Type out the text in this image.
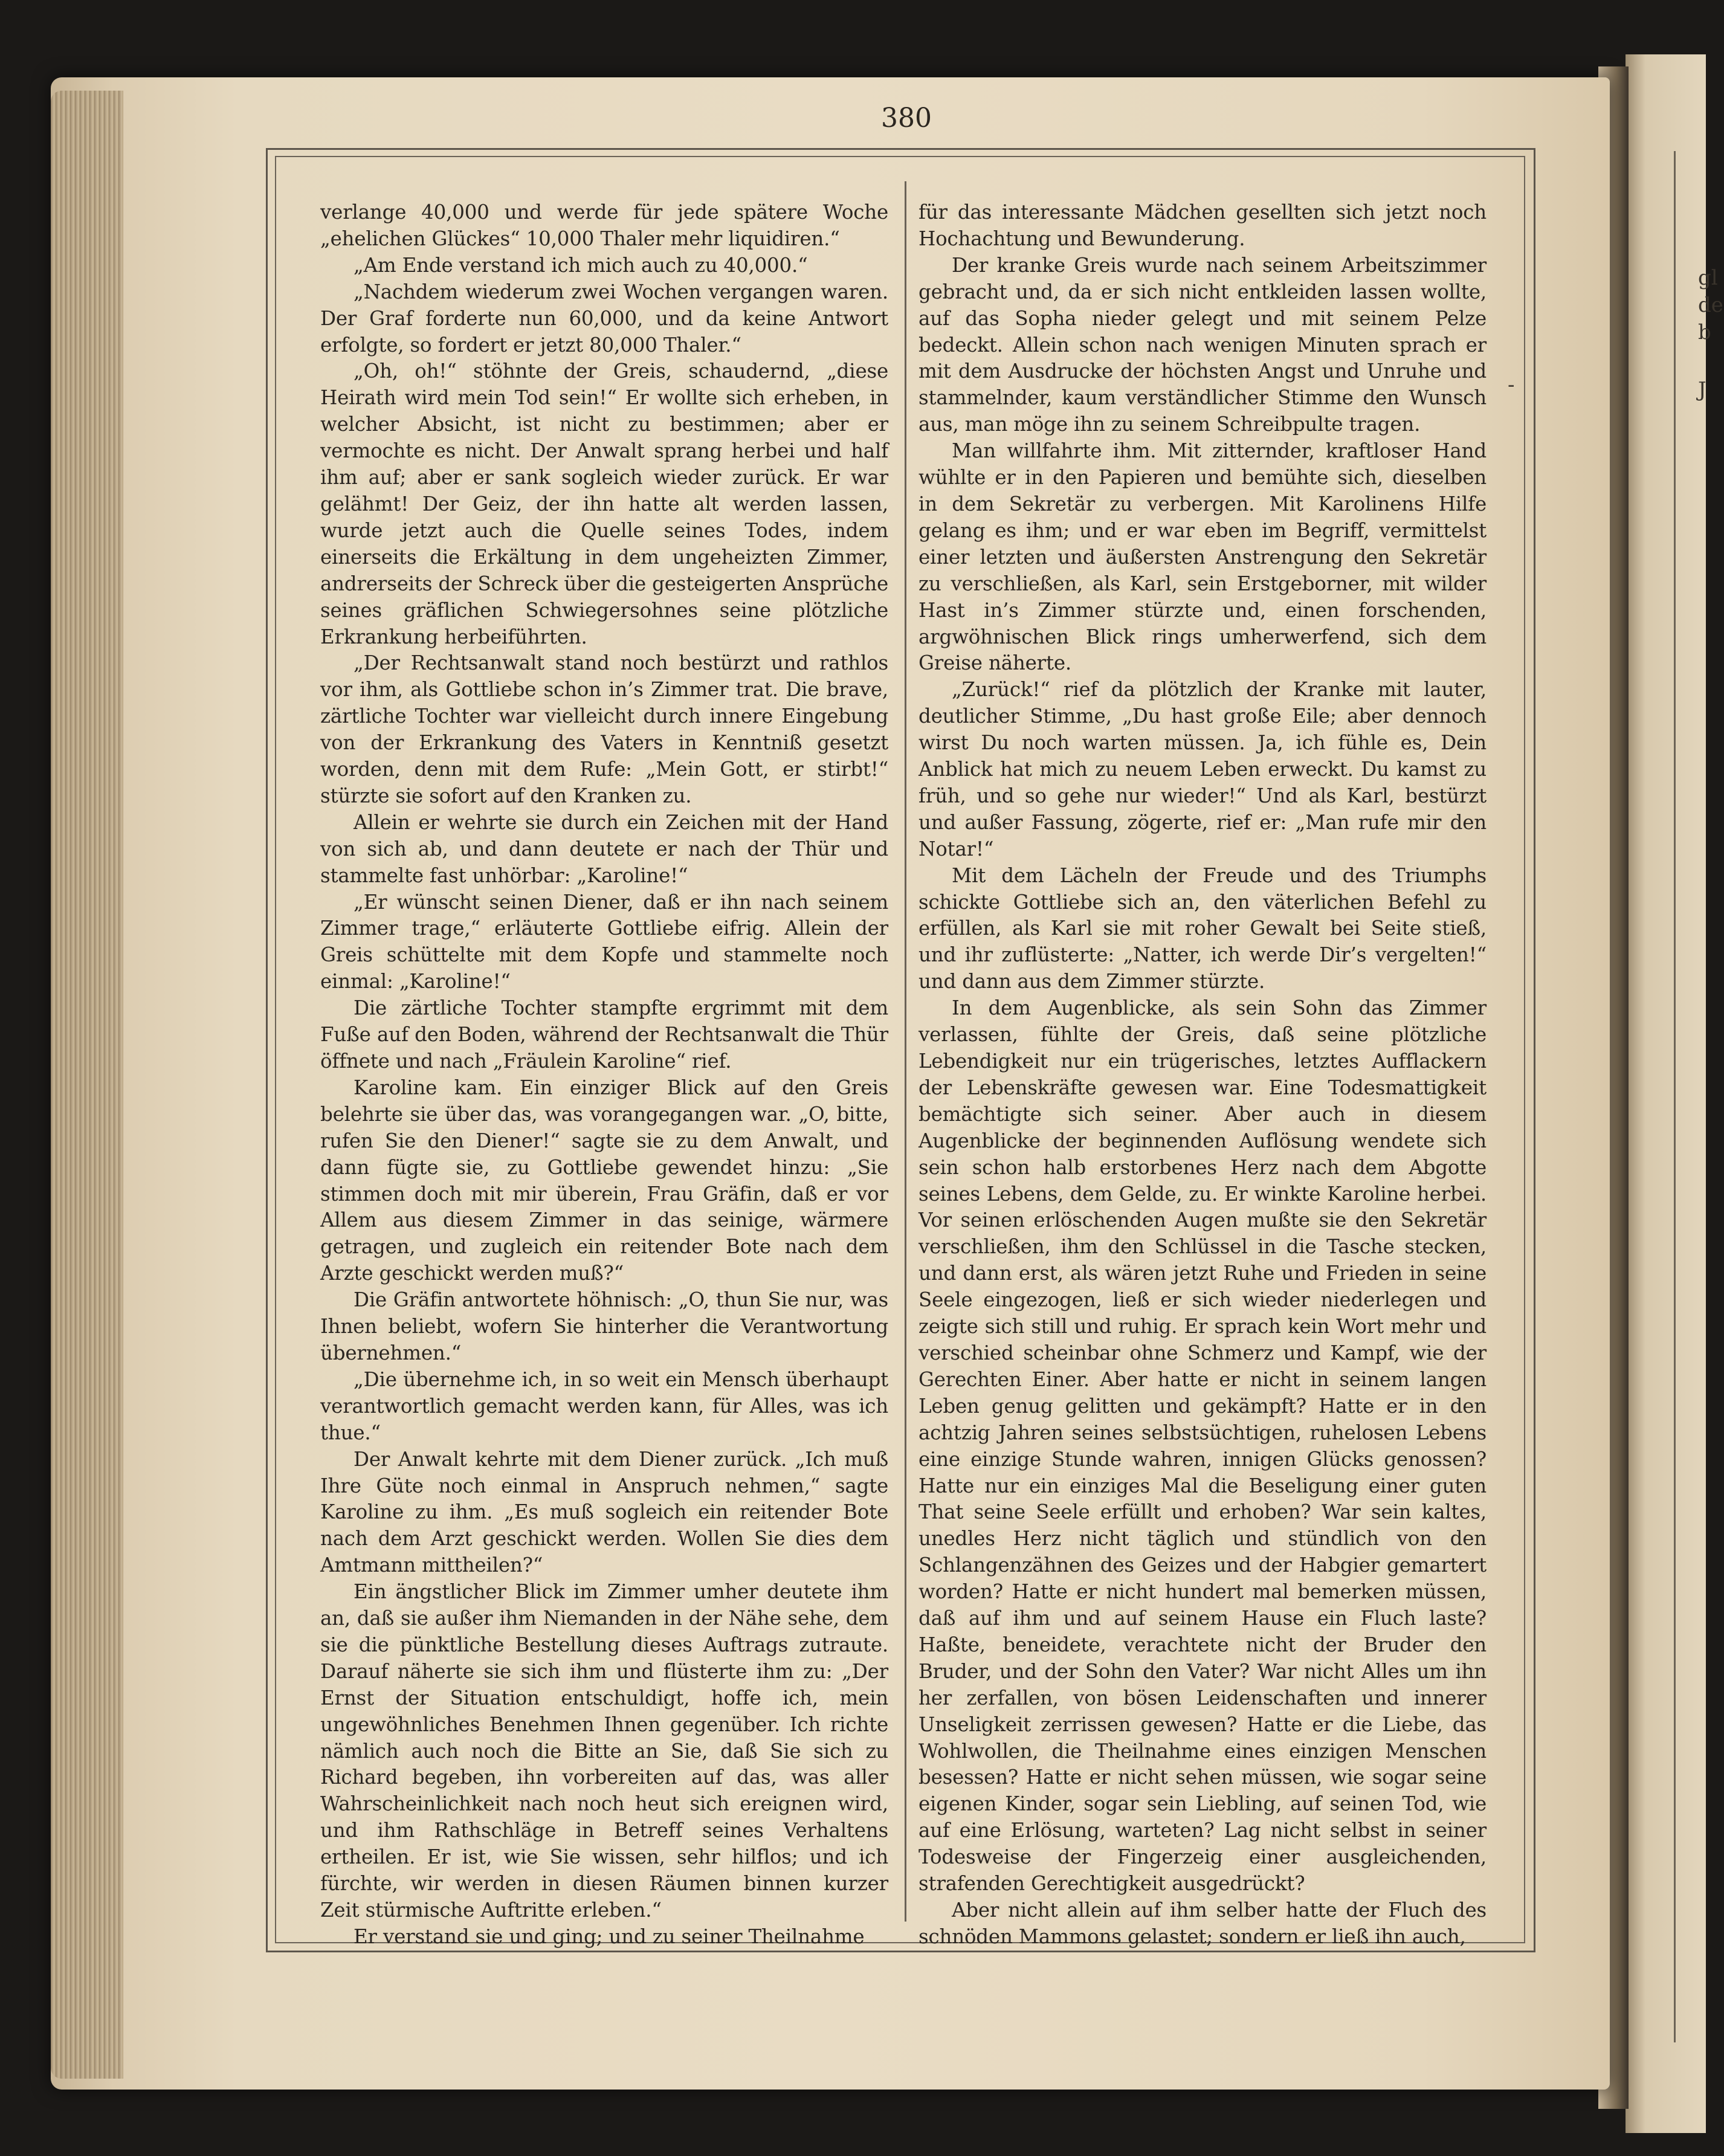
gl
de
b
J
380
-

verlange 40,000 und werde für jede spätere Woche „ehelichen Glückes“ 10,000 Thaler mehr liquidiren.“

„Am Ende verstand ich mich auch zu 40,000.“

„Nachdem wiederum zwei Wochen vergangen waren. Der Graf forderte nun 60,000, und da keine Antwort erfolgte, so fordert er jetzt 80,000 Thaler.“

„Oh, oh!“ stöhnte der Greis, schaudernd, „diese Heirath wird mein Tod sein!“ Er wollte sich erheben, in welcher Absicht, ist nicht zu bestimmen; aber er vermochte es nicht. Der Anwalt sprang herbei und half ihm auf; aber er sank sogleich wieder zurück. Er war gelähmt! Der Geiz, der ihn hatte alt werden lassen, wurde jetzt auch die Quelle seines Todes, indem einerseits die Erkältung in dem ungeheizten Zimmer, andrerseits der Schreck über die gesteigerten Ansprüche seines gräflichen Schwiegersohnes seine plötzliche Erkrankung herbeiführten.

„Der Rechtsanwalt stand noch bestürzt und rathlos vor ihm, als Gottliebe schon in’s Zimmer trat. Die brave, zärtliche Tochter war vielleicht durch innere Eingebung von der Erkrankung des Vaters in Kenntniß gesetzt worden, denn mit dem Rufe: „Mein Gott, er stirbt!“ stürzte sie sofort auf den Kranken zu.

Allein er wehrte sie durch ein Zeichen mit der Hand von sich ab, und dann deutete er nach der Thür und stammelte fast unhörbar: „Karoline!“

„Er wünscht seinen Diener, daß er ihn nach seinem Zimmer trage,“ erläuterte Gottliebe eifrig. Allein der Greis schüttelte mit dem Kopfe und stammelte noch einmal: „Karoline!“

Die zärtliche Tochter stampfte ergrimmt mit dem Fuße auf den Boden, während der Rechtsanwalt die Thür öffnete und nach „Fräulein Karoline“ rief.

Karoline kam. Ein einziger Blick auf den Greis belehrte sie über das, was vorangegangen war. „O, bitte, rufen Sie den Diener!“ sagte sie zu dem Anwalt, und dann fügte sie, zu Gottliebe gewendet hinzu: „Sie stimmen doch mit mir überein, Frau Gräfin, daß er vor Allem aus diesem Zimmer in das seinige, wärmere getragen, und zugleich ein reitender Bote nach dem Arzte geschickt werden muß?“

Die Gräfin antwortete höhnisch: „O, thun Sie nur, was Ihnen beliebt, wofern Sie hinterher die Verantwortung übernehmen.“

„Die übernehme ich, in so weit ein Mensch überhaupt verantwortlich gemacht werden kann, für Alles, was ich thue.“

Der Anwalt kehrte mit dem Diener zurück. „Ich muß Ihre Güte noch einmal in Anspruch nehmen,“ sagte Karoline zu ihm. „Es muß sogleich ein reitender Bote nach dem Arzt geschickt werden. Wollen Sie dies dem Amtmann mittheilen?“

Ein ängstlicher Blick im Zimmer umher deutete ihm an, daß sie außer ihm Niemanden in der Nähe sehe, dem sie die pünktliche Bestellung dieses Auftrags zutraute. Darauf näherte sie sich ihm und flüsterte ihm zu: „Der Ernst der Situation entschuldigt, hoffe ich, mein ungewöhnliches Benehmen Ihnen gegenüber. Ich richte nämlich auch noch die Bitte an Sie, daß Sie sich zu Richard begeben, ihn vorbereiten auf das, was aller Wahrscheinlichkeit nach noch heut sich ereignen wird, und ihm Rathschläge in Betreff seines Verhaltens ertheilen. Er ist, wie Sie wissen, sehr hilflos; und ich fürchte, wir werden in diesen Räumen binnen kurzer Zeit stürmische Auftritte erleben.“

Er verstand sie und ging; und zu seiner Theilnahme

für das interessante Mädchen gesellten sich jetzt noch Hochachtung und Bewunderung.

Der kranke Greis wurde nach seinem Arbeitszimmer gebracht und, da er sich nicht entkleiden lassen wollte, auf das Sopha nieder gelegt und mit seinem Pelze bedeckt. Allein schon nach wenigen Minuten sprach er mit dem Ausdrucke der höchsten Angst und Unruhe und stammelnder, kaum verständlicher Stimme den Wunsch aus, man möge ihn zu seinem Schreibpulte tragen.

Man willfahrte ihm. Mit zitternder, kraftloser Hand wühlte er in den Papieren und bemühte sich, dieselben in dem Sekretär zu verbergen. Mit Karolinens Hilfe gelang es ihm; und er war eben im Begriff, vermittelst einer letzten und äußersten Anstrengung den Sekretär zu verschließen, als Karl, sein Erstgeborner, mit wilder Hast in’s Zimmer stürzte und, einen forschenden, argwöhnischen Blick rings umherwerfend, sich dem Greise näherte.

„Zurück!“ rief da plötzlich der Kranke mit lauter, deutlicher Stimme, „Du hast große Eile; aber dennoch wirst Du noch warten müssen. Ja, ich fühle es, Dein Anblick hat mich zu neuem Leben erweckt. Du kamst zu früh, und so gehe nur wieder!“ Und als Karl, bestürzt und außer Fassung, zögerte, rief er: „Man rufe mir den Notar!“

Mit dem Lächeln der Freude und des Triumphs schickte Gottliebe sich an, den väterlichen Befehl zu erfüllen, als Karl sie mit roher Gewalt bei Seite stieß, und ihr zuflüsterte: „Natter, ich werde Dir’s vergelten!“ und dann aus dem Zimmer stürzte.

In dem Augenblicke, als sein Sohn das Zimmer verlassen, fühlte der Greis, daß seine plötzliche Lebendigkeit nur ein trügerisches, letztes Aufflackern der Lebenskräfte gewesen war. Eine Todesmattigkeit bemächtigte sich seiner. Aber auch in diesem Augenblicke der beginnenden Auflösung wendete sich sein schon halb erstorbenes Herz nach dem Abgotte seines Lebens, dem Gelde, zu. Er winkte Karoline herbei. Vor seinen erlöschenden Augen mußte sie den Sekretär verschließen, ihm den Schlüssel in die Tasche stecken, und dann erst, als wären jetzt Ruhe und Frieden in seine Seele eingezogen, ließ er sich wieder niederlegen und zeigte sich still und ruhig. Er sprach kein Wort mehr und verschied scheinbar ohne Schmerz und Kampf, wie der Gerechten Einer. Aber hatte er nicht in seinem langen Leben genug gelitten und gekämpft? Hatte er in den achtzig Jahren seines selbstsüchtigen, ruhelosen Lebens eine einzige Stunde wahren, innigen Glücks genossen? Hatte nur ein einziges Mal die Beseligung einer guten That seine Seele erfüllt und erhoben? War sein kaltes, unedles Herz nicht täglich und stündlich von den Schlangenzähnen des Geizes und der Habgier gemartert worden? Hatte er nicht hundert mal bemerken müssen, daß auf ihm und auf seinem Hause ein Fluch laste? Haßte, beneidete, verachtete nicht der Bruder den Bruder, und der Sohn den Vater? War nicht Alles um ihn her zerfallen, von bösen Leidenschaften und innerer Unseligkeit zerrissen gewesen? Hatte er die Liebe, das Wohlwollen, die Theilnahme eines einzigen Menschen besessen? Hatte er nicht sehen müssen, wie sogar seine eigenen Kinder, sogar sein Liebling, auf seinen Tod, wie auf eine Erlösung, warteten? Lag nicht selbst in seiner Todesweise der Fingerzeig einer ausgleichenden, strafenden Gerechtigkeit ausgedrückt?

Aber nicht allein auf ihm selber hatte der Fluch des schnöden Mammons gelastet; sondern er ließ ihn auch,
